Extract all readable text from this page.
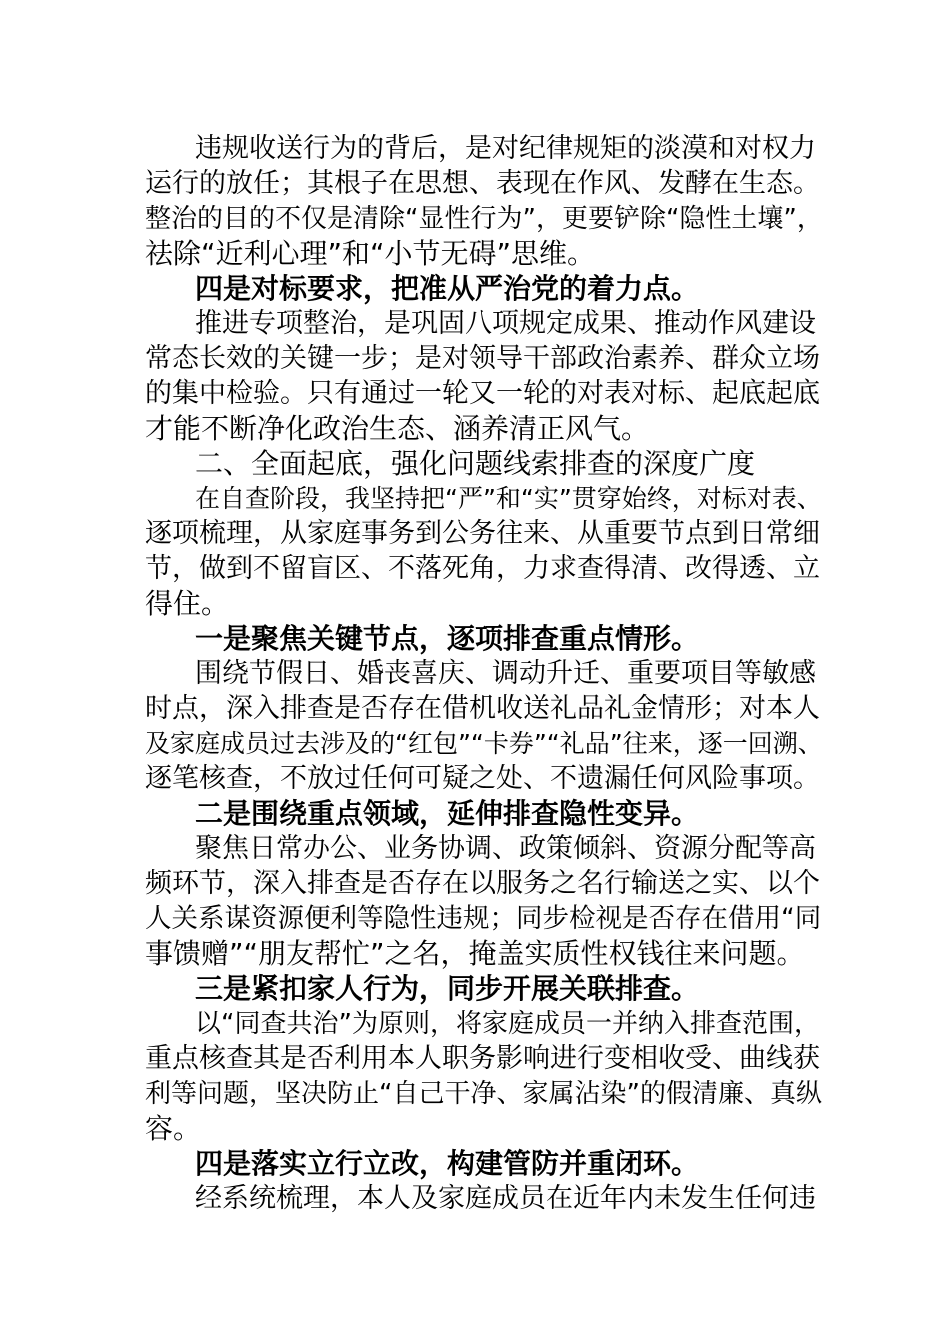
违规收送行为的背后，是对纪律规矩的淡漠和对权力
运行的放任；其根子在思想、表现在作风、发酵在生态。
整治的目的不仅是清除“显性行为”，更要铲除“隐性土壤”，
祛除“近利心理”和“小节无碍”思维。
四是对标要求，把准从严治党的着力点。
推进专项整治，是巩固八项规定成果、推动作风建设
常态长效的关键一步；是对领导干部政治素养、群众立场
的集中检验。只有通过一轮又一轮的对表对标、起底起底
才能不断净化政治生态、涵养清正风气。
二、全面起底，强化问题线索排查的深度广度
在自查阶段，我坚持把“严”和“实”贯穿始终，对标对表、
逐项梳理，从家庭事务到公务往来、从重要节点到日常细
节，做到不留盲区、不落死角，力求查得清、改得透、立
得住。
一是聚焦关键节点，逐项排查重点情形。
围绕节假日、婚丧喜庆、调动升迁、重要项目等敏感
时点，深入排查是否存在借机收送礼品礼金情形；对本人
及家庭成员过去涉及的“红包”“卡券”“礼品”往来，逐一回溯、
逐笔核查，不放过任何可疑之处、不遗漏任何风险事项。
二是围绕重点领域，延伸排查隐性变异。
聚焦日常办公、业务协调、政策倾斜、资源分配等高
频环节，深入排查是否存在以服务之名行输送之实、以个
人关系谋资源便利等隐性违规；同步检视是否存在借用“同
事馈赠”“朋友帮忙”之名，掩盖实质性权钱往来问题。
三是紧扣家人行为，同步开展关联排查。
以“同查共治”为原则，将家庭成员一并纳入排查范围，
重点核查其是否利用本人职务影响进行变相收受、曲线获
利等问题，坚决防止“自己干净、家属沾染”的假清廉、真纵
容。
四是落实立行立改，构建管防并重闭环。
经系统梳理，本人及家庭成员在近年内未发生任何违
